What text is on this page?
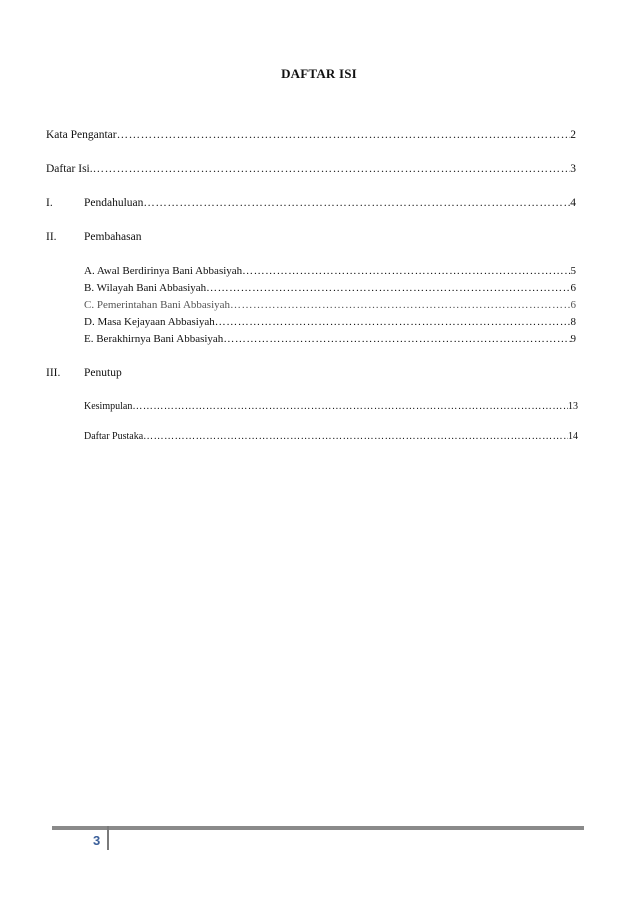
DAFTAR ISI
Kata Pengantar ……………………………………………………………………………………………………………………………………………………………………………………………………………………	2
Daftar Isi. ……………………………………………………………………………………………………………………………………………………………………………………………………………………	3
I.	Pendahuluan ……………………………………………………………………………………………………………………………………………………………………………………………………………………	4
II. Pembahasan
A. Awal Berdirinya Bani Abbasiyah ……………………………………………………………………………………………………………………………………………………………………………………………………………………	5
B. Wilayah Bani Abbasiyah ……………………………………………………………………………………………………………………………………………………………………………………………………………………	6
C. Pemerintahan Bani Abbasiyah ……………………………………………………………………………………………………………………………………………………………………………………………………………………	6
D. Masa Kejayaan Abbasiyah ……………………………………………………………………………………………………………………………………………………………………………………………………………………	8
E. Berakhirnya Bani Abbasiyah ……………………………………………………………………………………………………………………………………………………………………………………………………………………	9
III. Penutup
Kesimpulan ……………………………………………………………………………………………………………………………………………………………………………………………………………………	13
Daftar Pustaka ……………………………………………………………………………………………………………………………………………………………………………………………………………………	14
3
